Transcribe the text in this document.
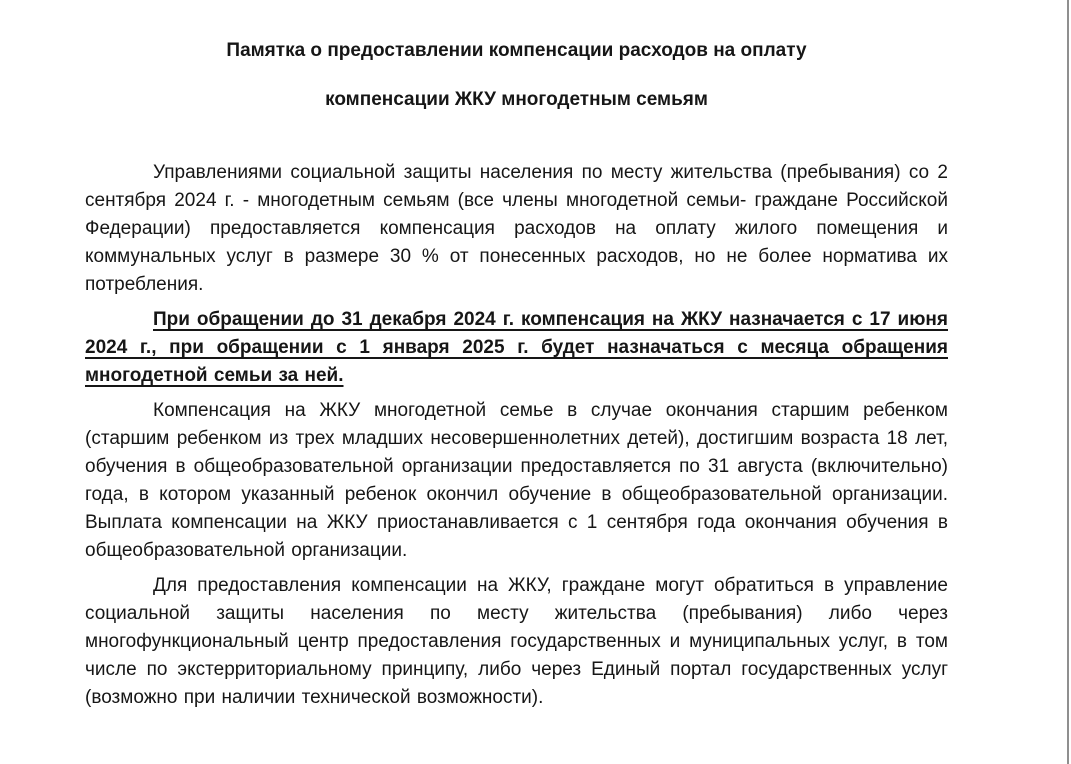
Памятка о предоставлении компенсации расходов на оплату
компенсации ЖКУ многодетным семьям

Управлениями социальной защиты населения по месту жительства (пребывания) со 2 сентября 2024 г. - многодетным семьям (все члены многодетной семьи- граждане Российской Федерации) предоставляется компенсация расходов на оплату жилого помещения и коммунальных услуг в размере 30 % от понесенных расходов, но не более норматива их потребления.

При обращении до 31 декабря 2024 г. компенсация на ЖКУ назначается с 17 июня 2024 г., при обращении с 1 января 2025 г. будет назначаться с месяца обращения многодетной семьи за ней.

Компенсация на ЖКУ многодетной семье в случае окончания старшим ребенком (старшим ребенком из трех младших несовершеннолетних детей), достигшим возраста 18 лет, обучения в общеобразовательной организации предоставляется по 31 августа (включительно) года, в котором указанный ребенок окончил обучение в общеобразовательной организации. Выплата компенсации на ЖКУ приостанавливается с 1 сентября года окончания обучения в общеобразовательной организации.

Для предоставления компенсации на ЖКУ, граждане могут обратиться в управление социальной защиты населения по месту жительства (пребывания) либо через многофункциональный центр предоставления государственных и муниципальных услуг, в том числе по экстерриториальному принципу, либо через Единый портал государственных услуг (возможно при наличии технической возможности).
